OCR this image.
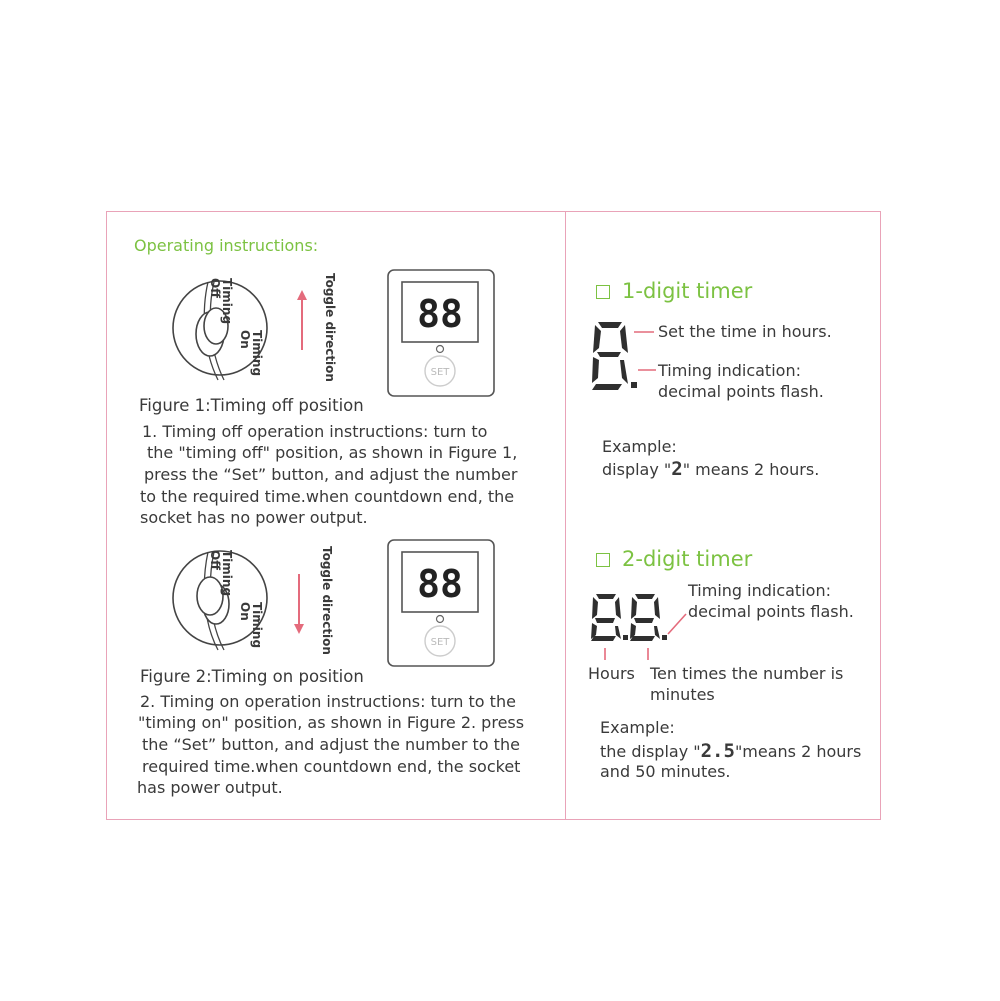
Operating instructions:
Timing
Off
Timing
On	Toggle direction 88
SET
Figure 1:Timing off position
1. Timing off operation instructions: turn to
the "timing off" position, as shown in Figure 1,
press the “Set” button, and adjust the number
to the required time.when countdown end, the
socket has no power output.
Timing
Off
Timing
On	Toggle direction 88
SET
Figure 2:Timing on position
2. Timing on operation instructions: turn to the
"timing on" position, as shown in Figure 2. press
the “Set” button, and adjust the number to the
required time.when countdown end, the socket
has power output.
1-digit timer
Set the time in hours.
Timing indication:
decimal points flash.
Example:
display "2" means 2 hours.
2-digit timer
Timing indication:
decimal points flash.
Hours Ten times the number is
minutes
Example:
the display "2.5"means 2 hours
and 50 minutes.
